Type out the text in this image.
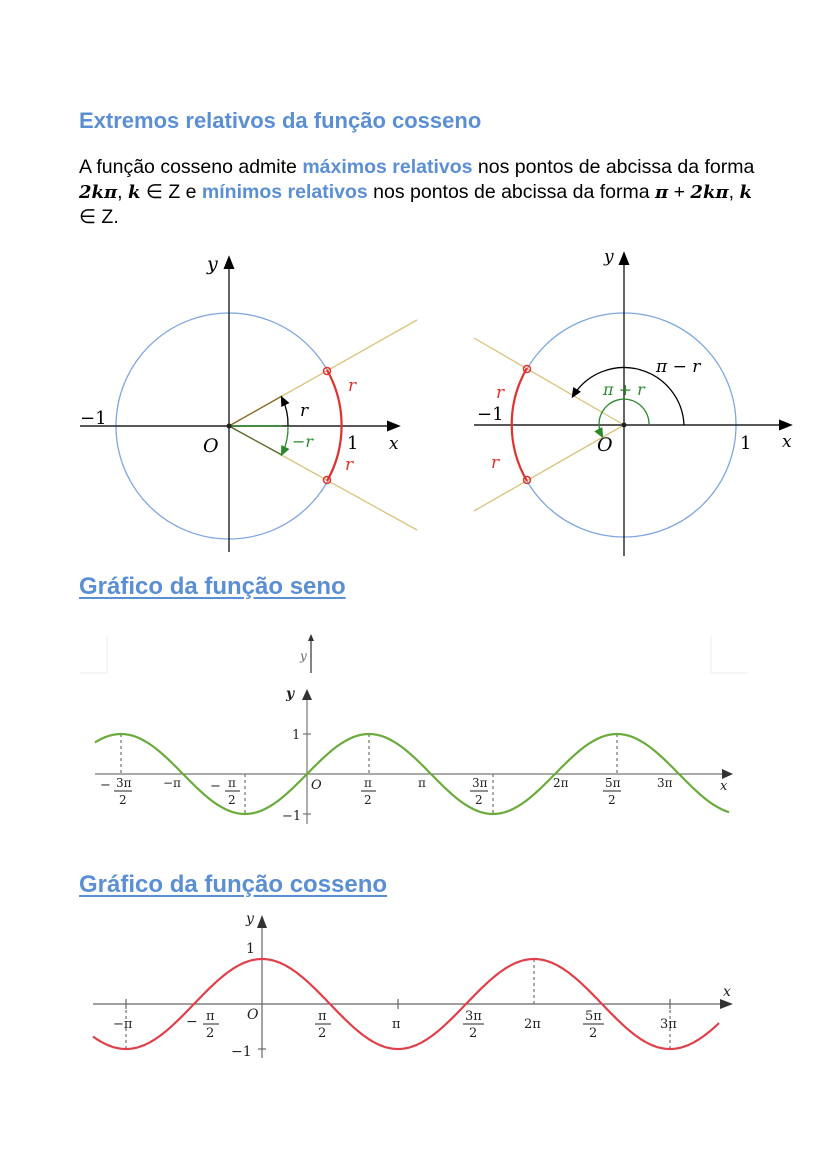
Extremos relativos da função cosseno

A função cosseno admite máximos relativos nos pontos de abcissa da forma 2kπ, k ∈ Z e mínimos relativos nos pontos de abcissa da forma π + 2kπ, k ∈ Z.

y
x
O
−1
1
r
−r
r
r
y
x
O
−1
1
π − r
π + r
r
r
Gráfico da função seno
y
y
1
−1
O	x
− 3π
2
−π − π
2
π
2
π	3π
2
2π	5π
2
3π
Gráfico da função cosseno
y
1
−1
O
x
−π	− π
2
π
2
π
3π
2
2π
5π
2
3π
